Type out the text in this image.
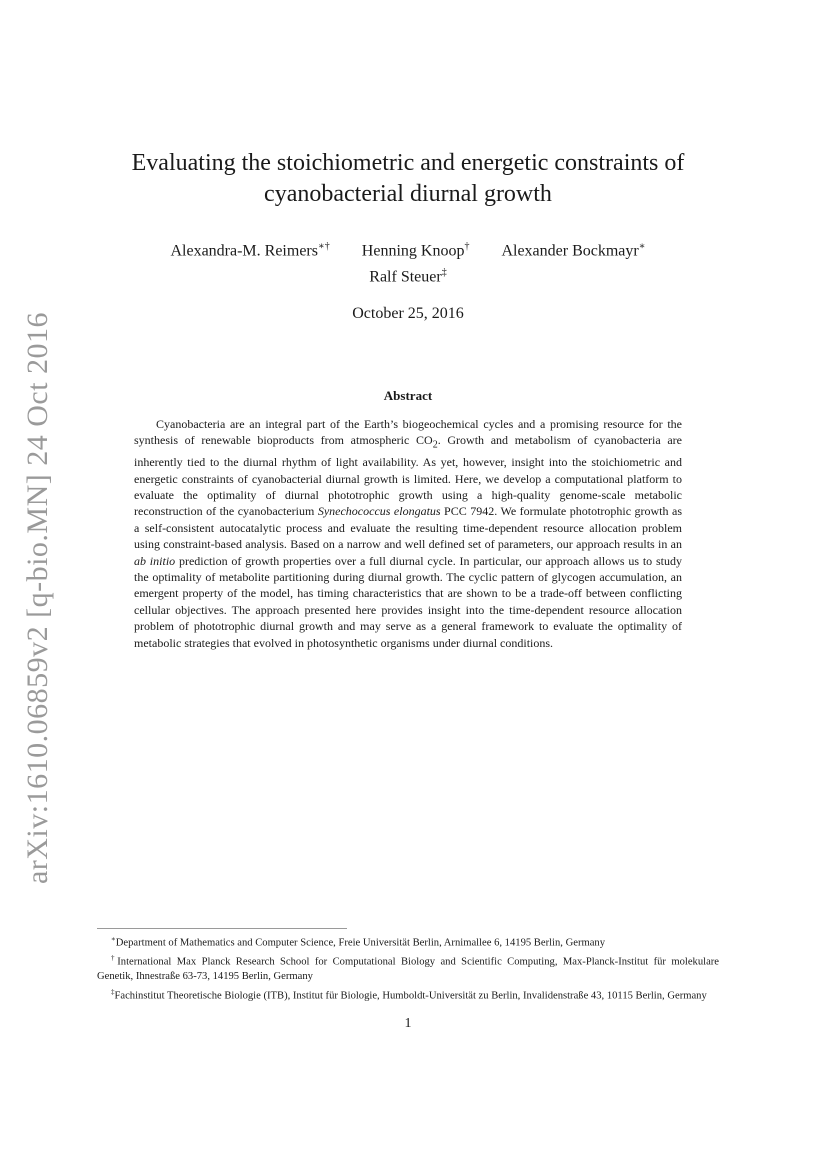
arXiv:1610.06859v2 [q-bio.MN] 24 Oct 2016
Evaluating the stoichiometric and energetic constraints of
cyanobacterial diurnal growth
Alexandra-M. Reimers∗† Henning Knoop† Alexander Bockmayr∗
Ralf Steuer‡
October 25, 2016
Abstract

Cyanobacteria are an integral part of the Earth’s biogeochemical cycles and a promising resource for the synthesis of renewable bioproducts from atmospheric $CO_2$. Growth and metabolism of cyanobacteria are inherently tied to the diurnal rhythm of light availability. As yet, however, insight into the stoichiometric and energetic constraints of cyanobacterial diurnal growth is limited. Here, we develop a computational platform to evaluate the optimality of diurnal phototrophic growth using a high-quality genome-scale metabolic reconstruction of the cyanobacterium Synechococcus elongatus PCC 7942. We formulate phototrophic growth as a self-consistent autocatalytic process and evaluate the resulting time-dependent resource allocation problem using constraint-based analysis. Based on a narrow and well defined set of parameters, our approach results in an ab initio prediction of growth properties over a full diurnal cycle. In particular, our approach allows us to study the optimality of metabolite partitioning during diurnal growth. The cyclic pattern of glycogen accumulation, an emergent property of the model, has timing characteristics that are shown to be a trade-off between conflicting cellular objectives. The approach presented here provides insight into the time-dependent resource allocation problem of phototrophic diurnal growth and may serve as a general framework to evaluate the optimality of metabolic strategies that evolved in photosynthetic organisms under diurnal conditions.

∗Department of Mathematics and Computer Science, Freie Universität Berlin, Arnimallee 6, 14195 Berlin, Germany

†International Max Planck Research School for Computational Biology and Scientific Computing, Max-Planck-Institut für molekulare Genetik, Ihnestraße 63-73, 14195 Berlin, Germany

‡Fachinstitut Theoretische Biologie (ITB), Institut für Biologie, Humboldt-Universität zu Berlin, Invalidenstraße 43, 10115 Berlin, Germany

1
